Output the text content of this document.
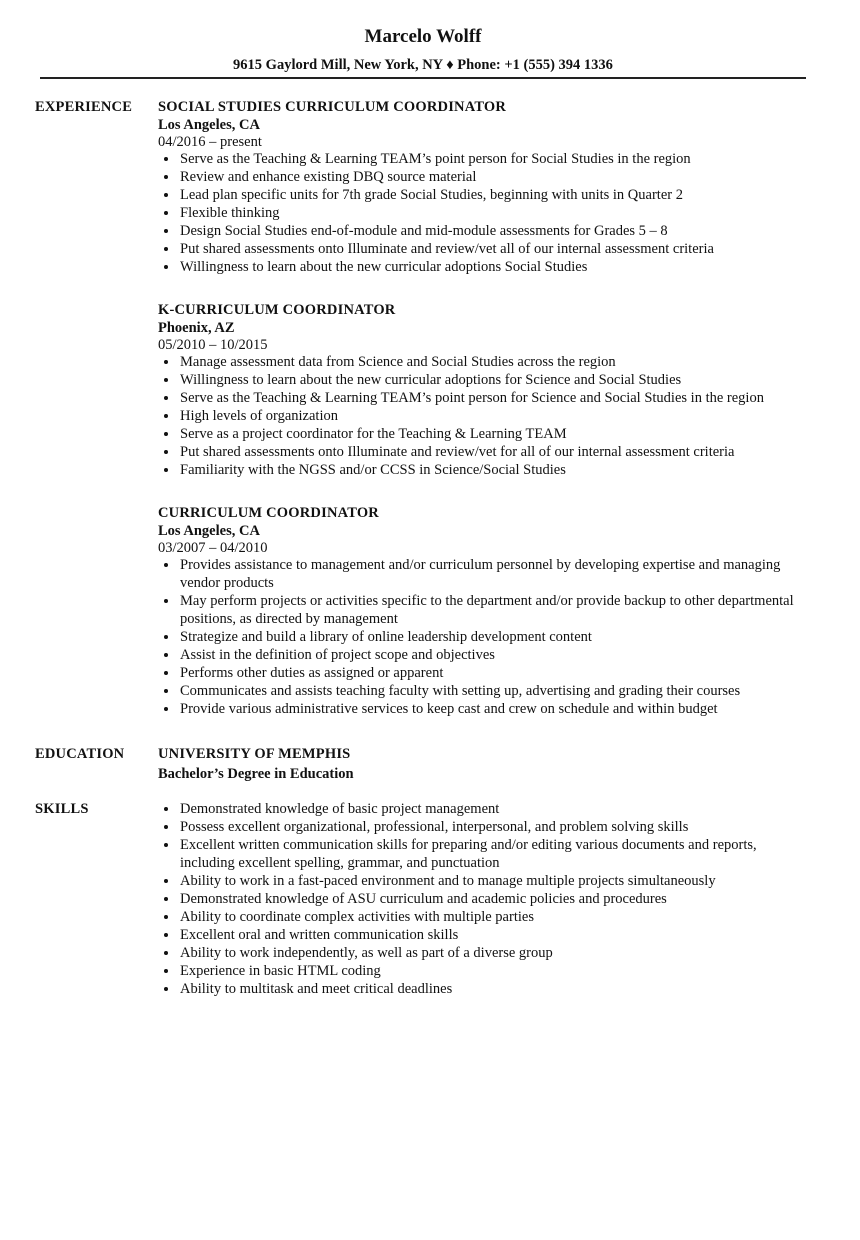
Marcelo Wolff
9615 Gaylord Mill, New York, NY ♦ Phone: +1 (555) 394 1336
EXPERIENCE SOCIAL STUDIES CURRICULUM COORDINATOR
Los Angeles, CA
04/2016 – present
Serve as the Teaching & Learning TEAM’s point person for Social Studies in the region
Review and enhance existing DBQ source material
Lead plan specific units for 7th grade Social Studies, beginning with units in Quarter 2
Flexible thinking
Design Social Studies end-of-module and mid-module assessments for Grades 5 – 8
Put shared assessments onto Illuminate and review/vet all of our internal assessment criteria
Willingness to learn about the new curricular adoptions Social Studies
K-CURRICULUM COORDINATOR
Phoenix, AZ
05/2010 – 10/2015
Manage assessment data from Science and Social Studies across the region
Willingness to learn about the new curricular adoptions for Science and Social Studies
Serve as the Teaching & Learning TEAM’s point person for Science and Social Studies in the region
High levels of organization
Serve as a project coordinator for the Teaching & Learning TEAM
Put shared assessments onto Illuminate and review/vet for all of our internal assessment criteria
Familiarity with the NGSS and/or CCSS in Science/Social Studies
CURRICULUM COORDINATOR
Los Angeles, CA
03/2007 – 04/2010
Provides assistance to management and/or curriculum personnel by developing expertise and managing vendor products
May perform projects or activities specific to the department and/or provide backup to other departmental positions, as directed by management
Strategize and build a library of online leadership development content
Assist in the definition of project scope and objectives
Performs other duties as assigned or apparent
Communicates and assists teaching faculty with setting up, advertising and grading their courses
Provide various administrative services to keep cast and crew on schedule and within budget
EDUCATION UNIVERSITY OF MEMPHIS
Bachelor’s Degree in Education
SKILLS	Demonstrated knowledge of basic project management
Possess excellent organizational, professional, interpersonal, and problem solving skills
Excellent written communication skills for preparing and/or editing various documents and reports, including excellent spelling, grammar, and punctuation
Ability to work in a fast-paced environment and to manage multiple projects simultaneously
Demonstrated knowledge of ASU curriculum and academic policies and procedures
Ability to coordinate complex activities with multiple parties
Excellent oral and written communication skills
Ability to work independently, as well as part of a diverse group
Experience in basic HTML coding
Ability to multitask and meet critical deadlines
